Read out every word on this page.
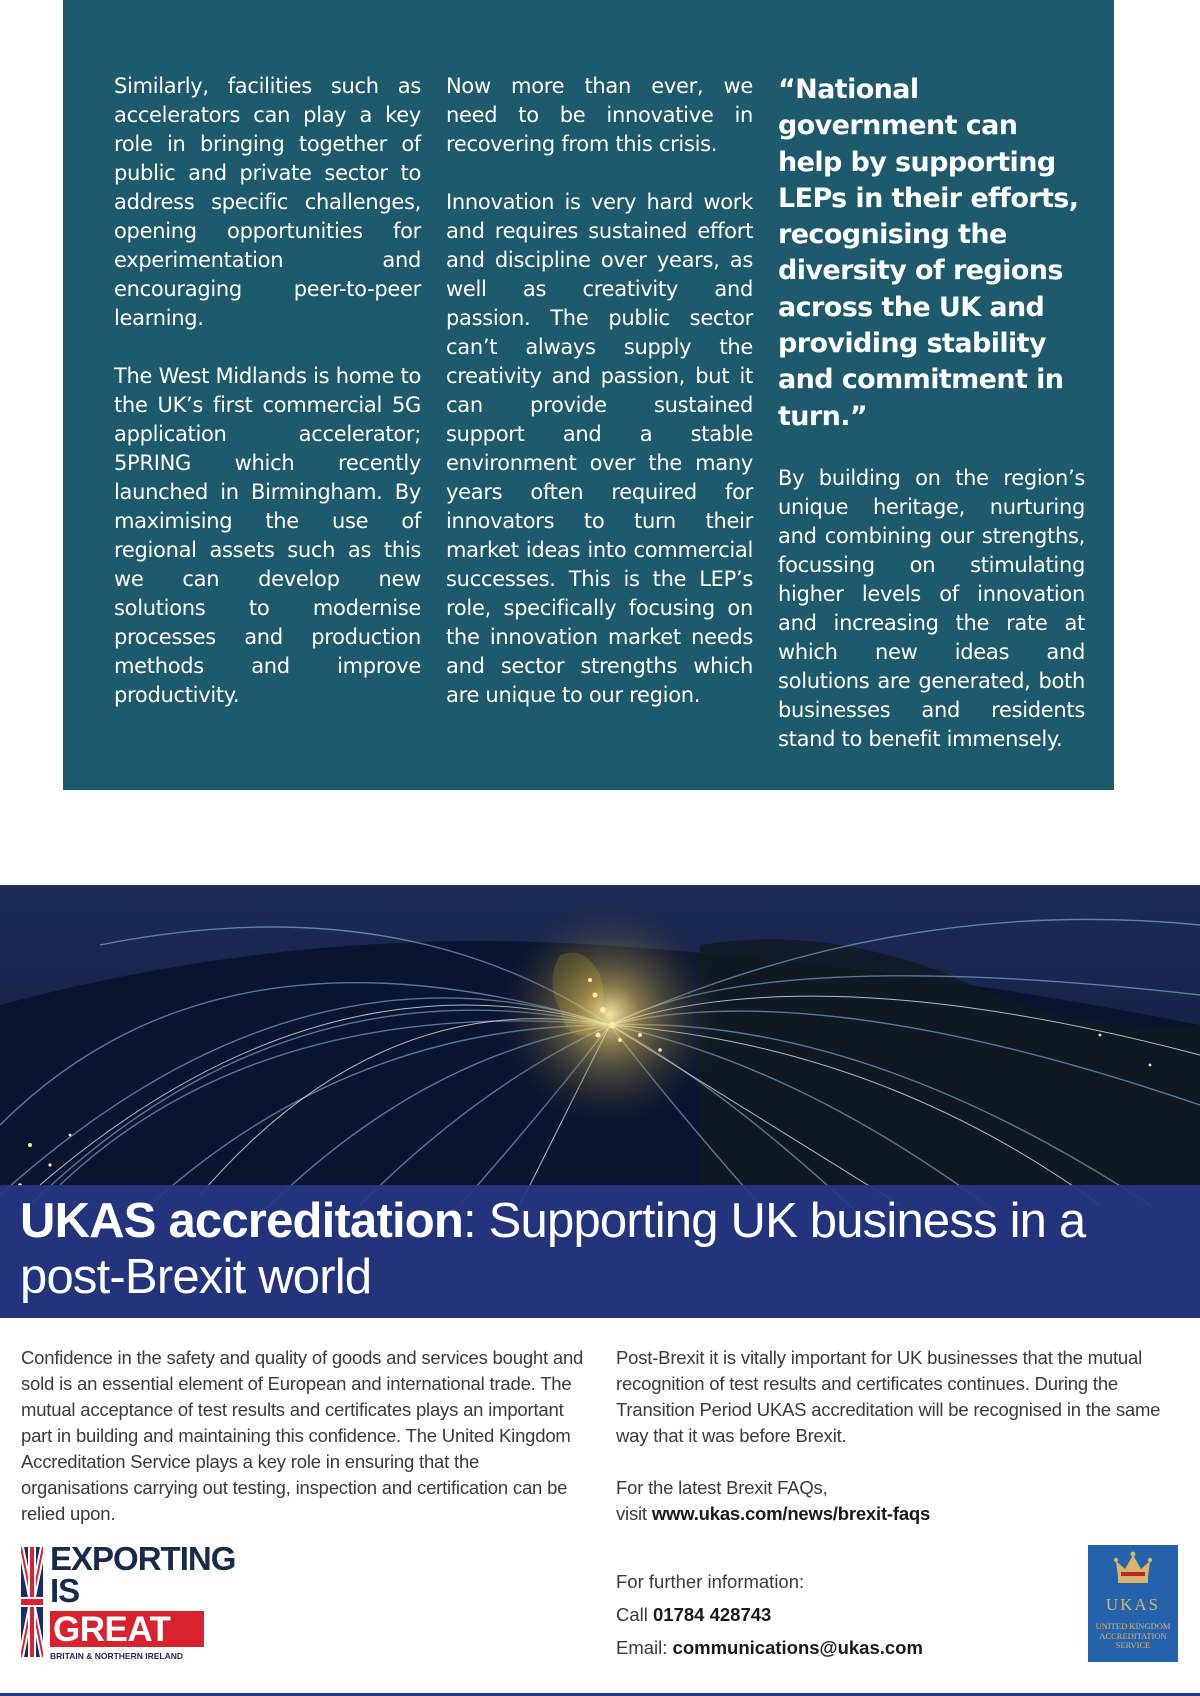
Similarly, facilities such as accelerators can play a key role in bringing together of public and private sector to address specific challenges, opening opportunities for experimentation and encouraging peer-to-peer learning.

The West Midlands is home to the UK’s first commercial 5G application accelerator; 5PRING which recently launched in Birmingham. By maximising the use of regional assets such as this we can develop new solutions to modernise processes and production methods and improve productivity.

Now more than ever, we need to be innovative in recovering from this crisis.

Innovation is very hard work and requires sustained effort and discipline over years, as well as creativity and passion. The public sector can’t always supply the creativity and passion, but it can provide sustained support and a stable environment over the many years often required for innovators to turn their market ideas into commercial successes. This is the LEP’s role, specifically focusing on the innovation market needs and sector strengths which are unique to our region.

“National government can help by supporting LEPs in their efforts, recognising the diversity of regions across the UK and providing stability and commitment in turn.”

By building on the region’s unique heritage, nurturing and combining our strengths, focussing on stimulating higher levels of innovation and increasing the rate at which new ideas and solutions are generated, both businesses and residents stand to benefit immensely.

UKAS accreditation: Supporting UK business in a post-Brexit world

Confidence in the safety and quality of goods and services bought and sold is an essential element of European and international trade. The mutual acceptance of test results and certificates plays an important part in building and maintaining this confidence. The United Kingdom Accreditation Service plays a key role in ensuring that the organisations carrying out testing, inspection and certification can be relied upon.

Post-Brexit it is vitally important for UK businesses that the mutual recognition of test results and certificates continues. During the Transition Period UKAS accreditation will be recognised in the same way that it was before Brexit.

For the latest Brexit FAQs,

visit www.ukas.com/news/brexit-faqs

For further information:
Call 01784 428743
Email: communications@ukas.com
EXPORTING
IS
GREAT
BRITAIN & NORTHERN IRELAND
UKAS
UNITED KINGDOM ACCREDITATION SERVICE
